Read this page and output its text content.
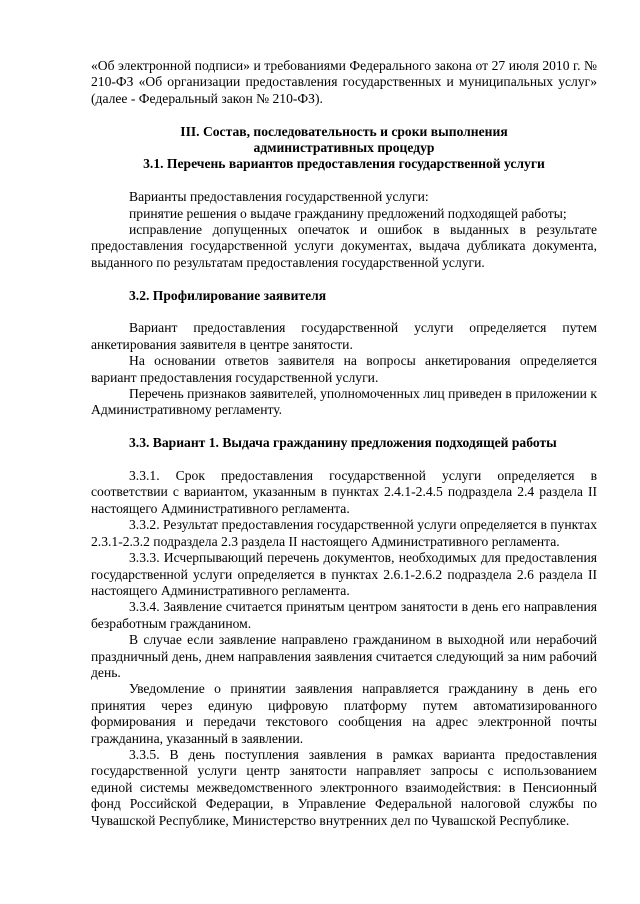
«Об электронной подписи» и требованиями Федерального закона от 27 июля 2010 г. № 210-ФЗ «Об организации предоставления государственных и муниципальных услуг» (далее - Федеральный закон № 210-ФЗ).

III. Состав, последовательность и сроки выполнения

административных процедур

3.1. Перечень вариантов предоставления государственной услуги

Варианты предоставления государственной услуги:

принятие решения о выдаче гражданину предложений подходящей работы;

исправление допущенных опечаток и ошибок в выданных в результате предоставления государственной услуги документах, выдача дубликата документа, выданного по результатам предоставления государственной услуги.

3.2. Профилирование заявителя

Вариант предоставления государственной услуги определяется путем анкетирования заявителя в центре занятости.

На основании ответов заявителя на вопросы анкетирования определяется вариант предоставления государственной услуги.

Перечень признаков заявителей, уполномоченных лиц приведен в приложении к Административному регламенту.

3.3. Вариант 1. Выдача гражданину предложения подходящей работы

3.3.1. Срок предоставления государственной услуги определяется в соответствии с вариантом, указанным в пунктах 2.4.1-2.4.5 подраздела 2.4 раздела II настоящего Административного регламента.

3.3.2. Результат предоставления государственной услуги определяется в пунктах 2.3.1-2.3.2 подраздела 2.3 раздела II настоящего Административного регламента.

3.3.3. Исчерпывающий перечень документов, необходимых для предоставления государственной услуги определяется в пунктах 2.6.1-2.6.2 подраздела 2.6 раздела II настоящего Административного регламента.

3.3.4. Заявление считается принятым центром занятости в день его направления безработным гражданином.

В случае если заявление направлено гражданином в выходной или нерабочий праздничный день, днем направления заявления считается следующий за ним рабочий день.

Уведомление о принятии заявления направляется гражданину в день его принятия через единую цифровую платформу путем автоматизированного формирования и передачи текстового сообщения на адрес электронной почты гражданина, указанный в заявлении.

3.3.5. В день поступления заявления в рамках варианта предоставления государственной услуги центр занятости направляет запросы с использованием единой системы межведомственного электронного взаимодействия: в Пенсионный фонд Российской Федерации, в Управление Федеральной налоговой службы по Чувашской Республике, Министерство внутренних дел по Чувашской Республике.
